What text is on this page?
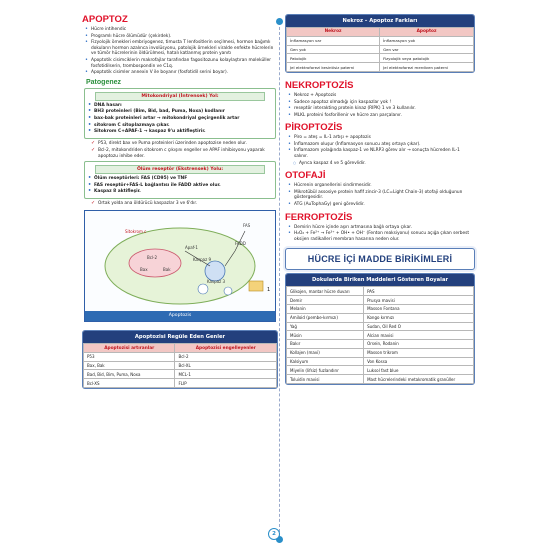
APOPTOZ
• Hücre intihendic
• Programlı hücre ölümüdür (çekirdek).
• Fizyolojik örnekleri embriyogenez, timusta T lenfositlerin seçilmesi, hormon bağımlı dokuların hormon azalınca involüsyonu, patolojik örnekleri viralde enfekte hücrelerin ve tümör hücrelerinin öldürülmesi, hatalı katlanmış protein yanıtı
• Apoptotik cisimciklerin makrofajlar tarafından fagositozunu kolaylaştıran moleküller fosfotidilserin, trombospondin ve C1q.
• Apoptotik cisimler annexin V ile boyanır (fosfotidil serini boyar).
Patogenez
Mitokondriyal (İntrensek) Yol:
• DNA hasarı
• BH3 proteinleri (Bim, Bid, bad, Puma, Noxa) kodlanır
• bax-bak proteinleri artar → mitokondriyal geçirgenlik artar
• sitokrom C sitoplazmaya çıkar.
• Sitokrom C+APAF-1 → kaspaz 9'u aktifleştirir.
✓ P53, direkt bax ve Puma proteinleri üzerinden apoptozise neden olur.
✓ Bcl-2, mitokondriden sitokrom c çıkışını engeller ve APAF inhibisyonu yaparak apoptozu inhibe eder.
Ölüm reseptör (Ekstrensek) Yolu:
• Ölüm reseptörleri: FAS (CD95) ve TNF
• FAS reseptör+FAS-L bağlantısı ile FADD aktive olur.
• Kaspaz 8 aktifleşir.
✓ Ortak yolda ana öldürücü kaspazlar 3 ve 6'dır.
Sitokrom c
Bcl-2
Apaf-1
Kaspaz 9
Bax	Bak
Kaspaz 3
FAS
FADD
1
Apoptozis
Apoptozisi Regüle Eden Genler
Apoptozisi artıranlar	Apoptozisi engelleyenler
P53	Bcl-2
Bax, Bak	Bcl-XL
Bad, Bid, Bim, Puma, Noxa	MCL-1
Bcl-XS	FLIP
Nekroz – Apoptoz Farkları
Nekroz	Apoptoz
İnflamasyon var	İnflamasyon yok
Gen yok	Gen var
Patolojik	Fizyolojik veya patolojik
Jel elektroforezi kesintisiz paterni	Jel elektroforezi merdiven paterni
NEKROPTOZİS
• Nekroz + Apoptozis
• Sadece apoptoz olmadığı için kaspazlar yok !
• reseptör interakting protein kinaz (RIPK) 1 ve 3 kullanılır.
• MLKL proteini fosforillenir ve hücre zarı parçalanır.
PİROPTOZİS
• Piro = ateş = IL-1 artışı + apoptozis
• İnflamazom oluşur (İnflamasyon sonucu ateş ortaya çıkar).
• İnflamazom yolağında kaspaz-1 ve NLRP3 görev alır → sonuçta hücreden IL-1 salınır.
○ Ayrıca kaspaz 4 ve 5 görevlidir.
OTOFAJİ
• Hücrenin organellerini sindirmesidir.
• Mikrotübül assosiye protein hafif zincir-3 (LC=Light Chain-3) otofaji olduğunun göstergesidir.
• ATG (AuTophaGy) geni görevlidir.
FERROPTOZİS
• Demirin hücre içinde aşırı artmasına bağlı ortaya çıkar.
• H₂O₂ + Fe²⁺ → Fe³⁺ + OH• + OH⁻ (Fenton reaksiyonu) sonucu açığa çıkan serbest oksijen radikalleri membran hasarına neden olur.
HÜCRE İÇİ MADDE BİRİKİMLERİ
Dokularda Biriken Maddeleri Gösteren Boyalar
Glikojen, mantar hücre duvarı	PAS
Demir	Prusya mavisi
Melanin	Masson Fontana
Amiloid (pembe-kırmızı)	Kongo kırmızı
Yağ	Sudan, Oil Red O
Müsin	Alcian mavisi
Bakır	Orsein, Rodanin
Kollajen (mavi)	Masson trikrom
Kalsiyum	Von Kossa
Miyelin (lifsiz) fuzlandırır	Luksol fast blue
Toluidin mavisi	Mast hücrelerindeki metakromatik granüller
2
